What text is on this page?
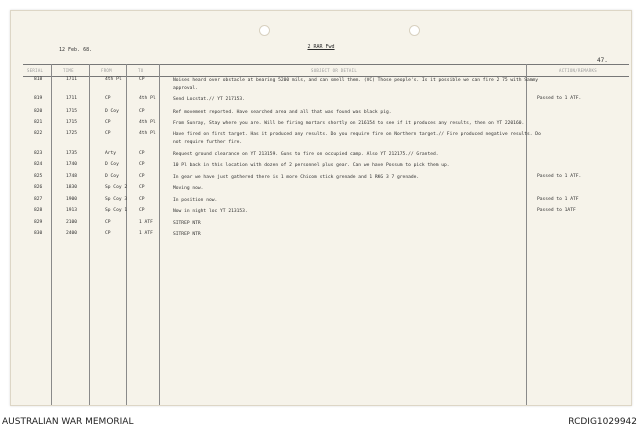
2 RAR Fwd
12 Feb. 68.
47.
SERIAL	TIME	FROM	TO	SUBJECT OR DETAIL	ACTION/REMARKS
818	1711	4th Pl	CP	Noises heard over obstacle at bearing 5200 mils, and can smell them. (VC) Those people's. Is it possible we can fire 2 75 with Sammy approval.
819	1711	CP	4th Pl	Send Locstat.// YT 217153.	Passed to 1 ATF.
820	1715	D Coy	CP	Ref movement reported. Have searched area and all that was found was black pig.
821	1715	CP	4th Pl	From Sunray, Stay where you are. Will be firing mortars shortly on 216154 to see if it produces any results, then on YT 220160.
822	1725	CP	4th Pl	Have fired on first target. Has it produced any results. Do you require fire on Northern target.// Fire produced negative results. Do not require further fire.
823	1735	Arty	CP	Request ground clearance on YT 213159. Guns to fire on occupied camp. Also YT 212175.// Granted.
824	1740	D Coy	CP	10 Pl back in this location with dozen of 2 personnel plus gear. Can we have Possum to pick them up.
825	1748	D Coy	CP	In gear we have just gathered there is 1 more Chicom stick grenade and 1 RKG 3 7 grenade.	Passed to 1 ATF.
826	1830	Sp Coy 2	CP	Moving now.
827	1900	Sp Coy 3	CP	In position now.	Passed to 1 ATF
828	1913	Sp Coy 1	CP	Now in night loc YT 213153.	Passed to 1ATF
829	2100	CP	1 ATF	SITREP NTR
830	2400	CP	1 ATF	SITREP NTR
AUSTRALIAN WAR MEMORIAL	RCDIG1029942
